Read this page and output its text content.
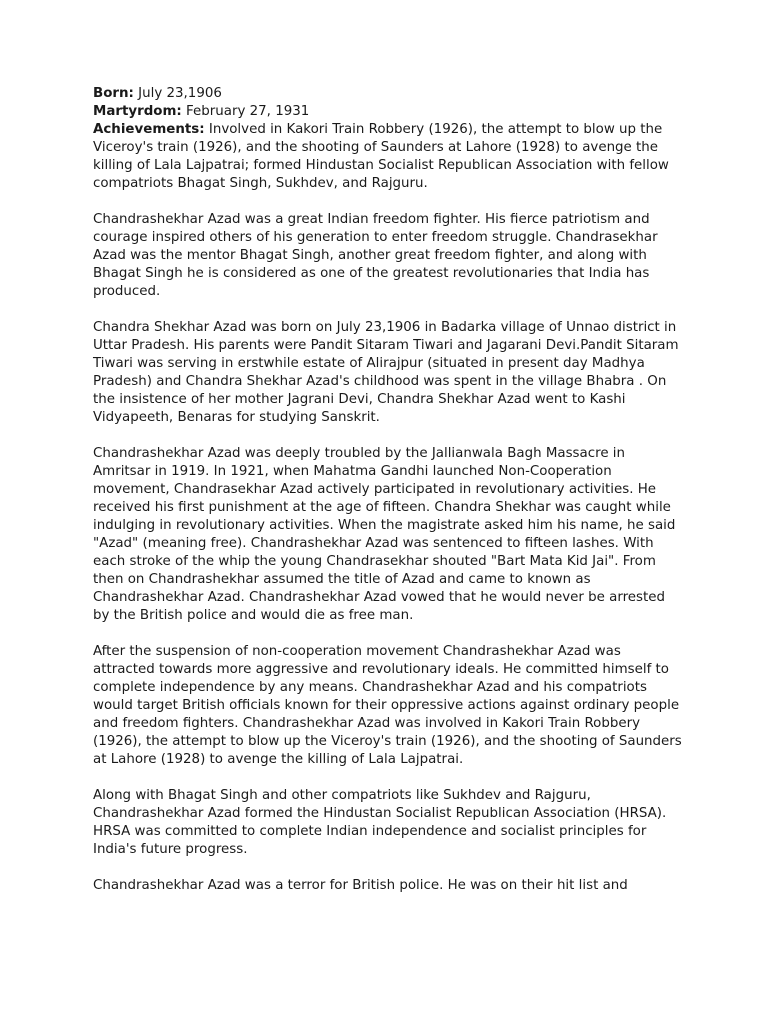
Born: July 23,1906

Martyrdom: February 27, 1931

Achievements: Involved in Kakori Train Robbery (1926), the attempt to blow up the Viceroy's train (1926), and the shooting of Saunders at Lahore (1928) to avenge the killing of Lala Lajpatrai; formed Hindustan Socialist Republican Association with fellow compatriots Bhagat Singh, Sukhdev, and Rajguru.

Chandrashekhar Azad was a great Indian freedom fighter. His fierce patriotism and courage inspired others of his generation to enter freedom struggle. Chandrasekhar Azad was the mentor Bhagat Singh, another great freedom fighter, and along with Bhagat Singh he is considered as one of the greatest revolutionaries that India has produced.

Chandra Shekhar Azad was born on July 23,1906 in Badarka village of Unnao district in Uttar Pradesh. His parents were Pandit Sitaram Tiwari and Jagarani Devi.Pandit Sitaram Tiwari was serving in erstwhile estate of Alirajpur (situated in present day Madhya Pradesh) and Chandra Shekhar Azad's childhood was spent in the village Bhabra . On the insistence of her mother Jagrani Devi, Chandra Shekhar Azad went to Kashi Vidyapeeth, Benaras for studying Sanskrit.

Chandrashekhar Azad was deeply troubled by the Jallianwala Bagh Massacre in Amritsar in 1919. In 1921, when Mahatma Gandhi launched Non-Cooperation movement, Chandrasekhar Azad actively participated in revolutionary activities. He received his first punishment at the age of fifteen. Chandra Shekhar was caught while indulging in revolutionary activities. When the magistrate asked him his name, he said "Azad" (meaning free). Chandrashekhar Azad was sentenced to fifteen lashes. With each stroke of the whip the young Chandrasekhar shouted "Bart Mata Kid Jai". From then on Chandrashekhar assumed the title of Azad and came to known as Chandrashekhar Azad. Chandrashekhar Azad vowed that he would never be arrested by the British police and would die as free man.

After the suspension of non-cooperation movement Chandrashekhar Azad was attracted towards more aggressive and revolutionary ideals. He committed himself to complete independence by any means. Chandrashekhar Azad and his compatriots would target British officials known for their oppressive actions against ordinary people and freedom fighters. Chandrashekhar Azad was involved in Kakori Train Robbery (1926), the attempt to blow up the Viceroy's train (1926), and the shooting of Saunders at Lahore (1928) to avenge the killing of Lala Lajpatrai.

Along with Bhagat Singh and other compatriots like Sukhdev and Rajguru, Chandrashekhar Azad formed the Hindustan Socialist Republican Association (HRSA). HRSA was committed to complete Indian independence and socialist principles for India's future progress.

Chandrashekhar Azad was a terror for British police. He was on their hit list and
